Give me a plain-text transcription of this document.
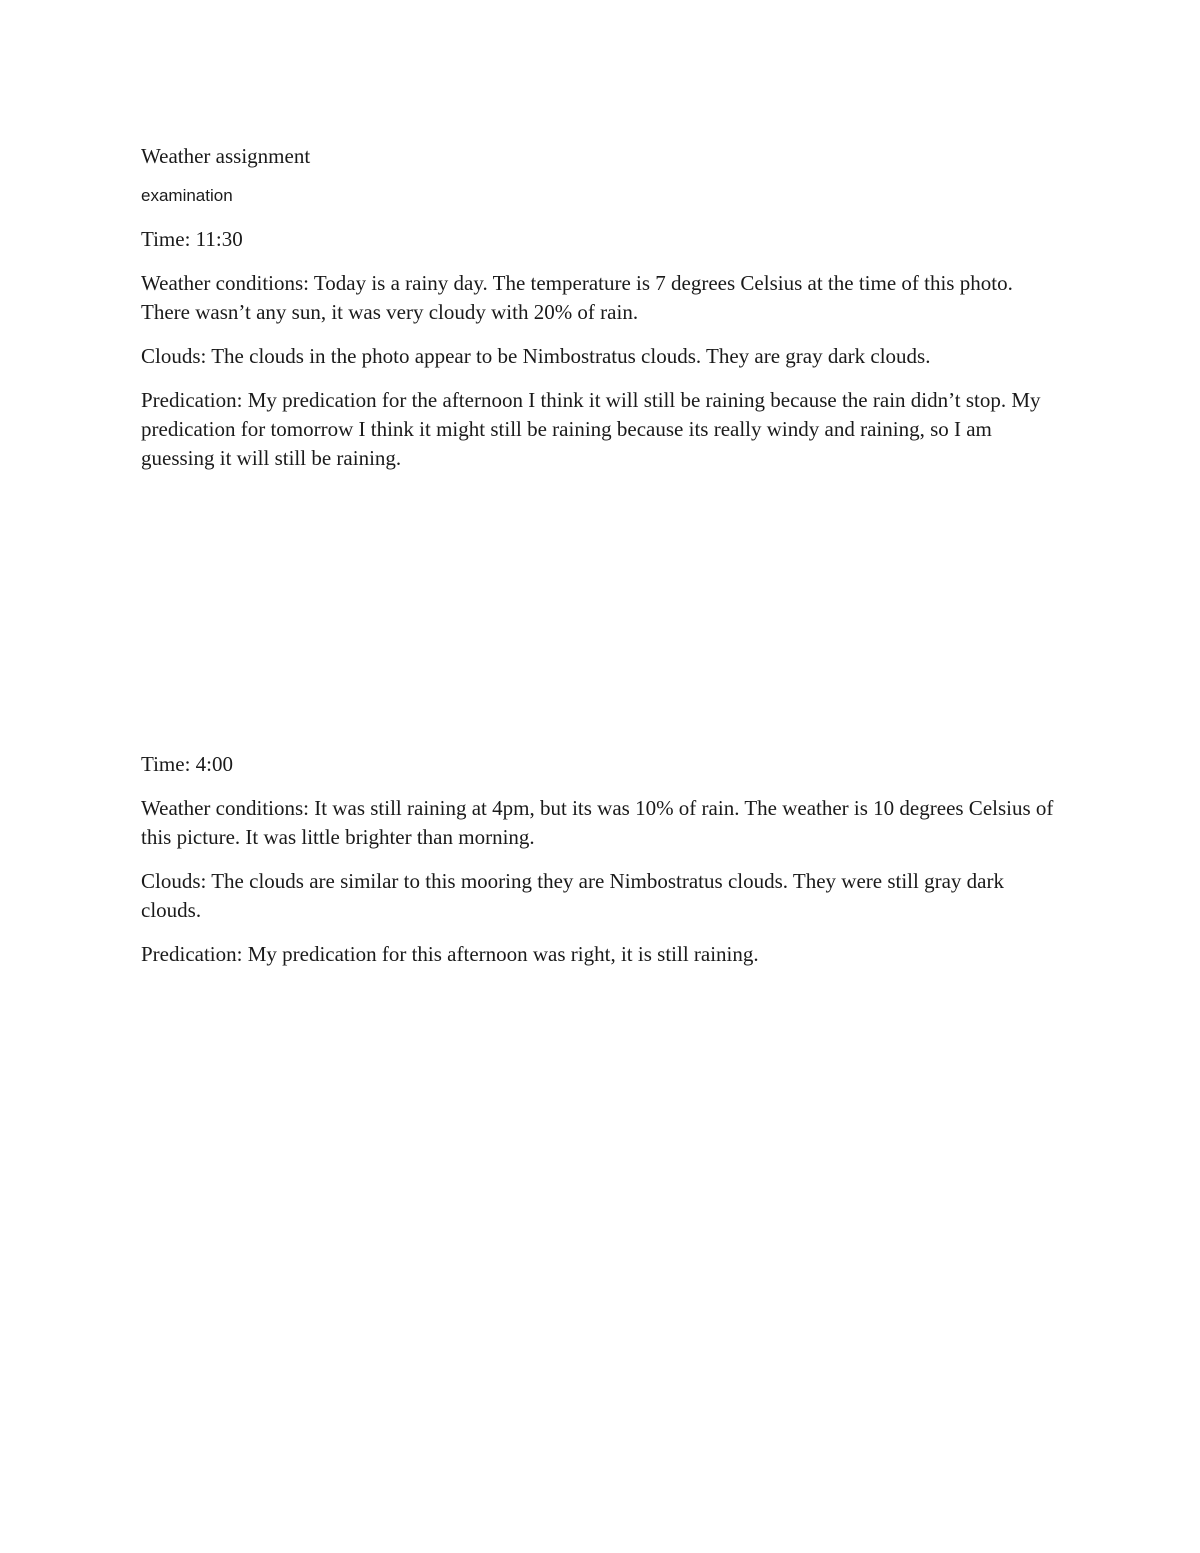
Weather assignment

examination

Time: 11:30

Weather conditions: Today is a rainy day. The temperature is 7 degrees Celsius at the time of this photo. There wasn’t any sun, it was very cloudy with 20% of rain.

Clouds: The clouds in the photo appear to be Nimbostratus clouds. They are gray dark clouds.

Predication: My predication for the afternoon I think it will still be raining because the rain didn’t stop. My predication for tomorrow I think it might still be raining because its really windy and raining, so I am guessing it will still be raining.

Time: 4:00

Weather conditions: It was still raining at 4pm, but its was 10% of rain. The weather is 10 degrees Celsius of this picture. It was little brighter than morning.

Clouds: The clouds are similar to this mooring they are Nimbostratus clouds. They were still gray dark clouds.

Predication: My predication for this afternoon was right, it is still raining.
